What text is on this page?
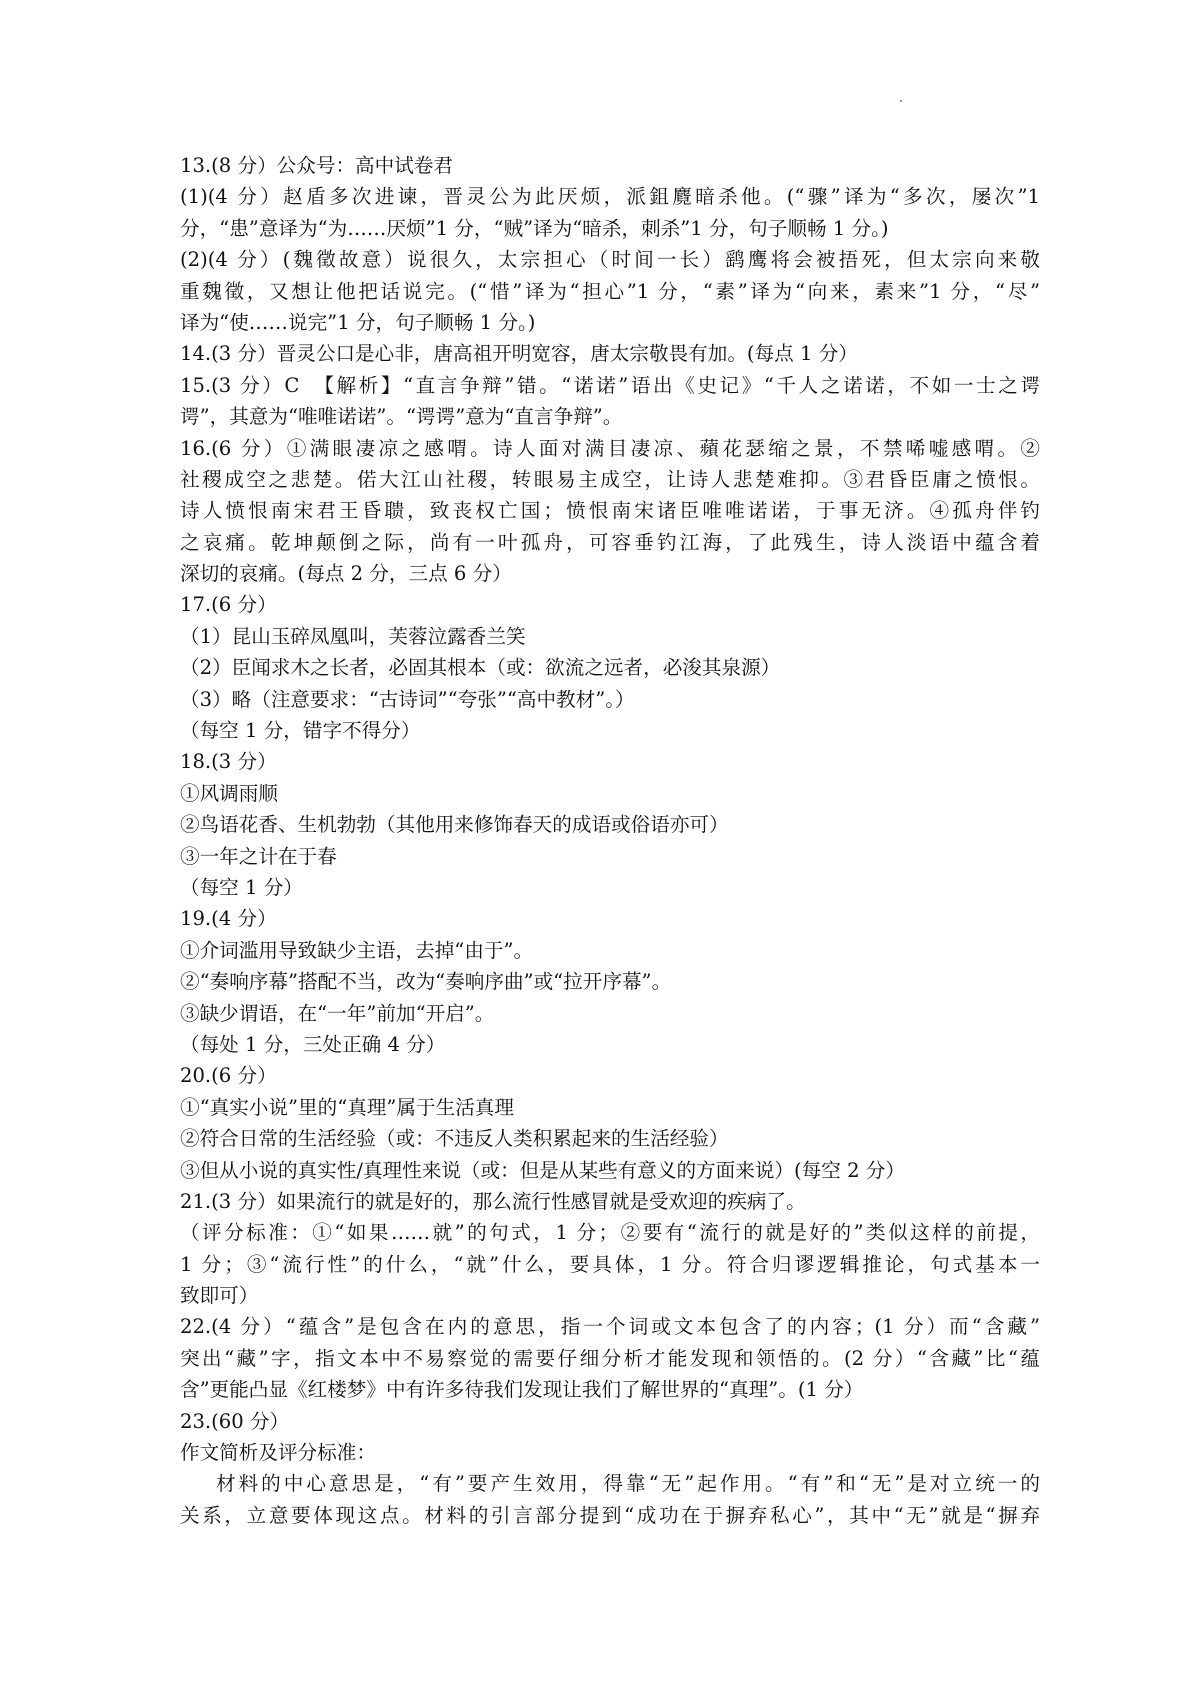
13.(8 分）公众号：高中试卷君

(1)(4 分）赵盾多次进谏，晋灵公为此厌烦，派鉏麑暗杀他。(“骤”译为“多次，屡次”1

分，“患”意译为“为……厌烦”1 分，“贼”译为“暗杀，刺杀”1 分，句子顺畅 1 分。)

(2)(4 分）(魏徵故意）说很久，太宗担心（时间一长）鹞鹰将会被捂死，但太宗向来敬

重魏徵，又想让他把话说完。(“惜”译为“担心”1 分，“素”译为“向来，素来”1 分，“尽”

译为“使……说完”1 分，句子顺畅 1 分。)

14.(3 分）晋灵公口是心非，唐高祖开明宽容，唐太宗敬畏有加。(每点 1 分）

15.(3 分）C　【解析】“直言争辩”错。“诺诺”语出《史记》“千人之诺诺，不如一士之谔

谔”，其意为“唯唯诺诺”。“谔谔”意为“直言争辩”。

16.(6 分）①满眼凄凉之感喟。诗人面对满目凄凉、蘋花瑟缩之景，不禁唏嘘感喟。②

社稷成空之悲楚。偌大江山社稷，转眼易主成空，让诗人悲楚难抑。③君昏臣庸之愤恨。

诗人愤恨南宋君王昏聩，致丧权亡国；愤恨南宋诸臣唯唯诺诺，于事无济。④孤舟伴钓

之哀痛。乾坤颠倒之际，尚有一叶孤舟，可容垂钓江海，了此残生，诗人淡语中蕴含着

深切的哀痛。(每点 2 分，三点 6 分）

17.(6 分）

（1）昆山玉碎凤凰叫，芙蓉泣露香兰笑

（2）臣闻求木之长者，必固其根本（或：欲流之远者，必浚其泉源）

（3）略（注意要求：“古诗词”“夸张”“高中教材”。）

（每空 1 分，错字不得分）

18.(3 分）

①风调雨顺

②鸟语花香、生机勃勃（其他用来修饰春天的成语或俗语亦可）

③一年之计在于春

（每空 1 分）

19.(4 分）

①介词滥用导致缺少主语，去掉“由于”。

②“奏响序幕”搭配不当，改为“奏响序曲”或“拉开序幕”。

③缺少谓语，在“一年”前加“开启”。

（每处 1 分，三处正确 4 分）

20.(6 分）

①“真实小说”里的“真理”属于生活真理

②符合日常的生活经验（或：不违反人类积累起来的生活经验）

③但从小说的真实性/真理性来说（或：但是从某些有意义的方面来说）(每空 2 分）

21.(3 分）如果流行的就是好的，那么流行性感冒就是受欢迎的疾病了。

（评分标准：①“如果……就”的句式，1 分；②要有“流行的就是好的”类似这样的前提，

1 分；③“流行性”的什么，“就”什么，要具体，1 分。符合归谬逻辑推论，句式基本一

致即可）

22.(4 分）“蕴含”是包含在内的意思，指一个词或文本包含了的内容；(1 分）而“含藏”

突出“藏”字，指文本中不易察觉的需要仔细分析才能发现和领悟的。(2 分）“含藏”比“蕴

含”更能凸显《红楼梦》中有许多待我们发现让我们了解世界的“真理”。(1 分）

23.(60 分）

作文简析及评分标准：

材料的中心意思是，“有”要产生效用，得靠“无”起作用。“有”和“无”是对立统一的

关系，立意要体现这点。材料的引言部分提到“成功在于摒弃私心”，其中“无”就是“摒弃
